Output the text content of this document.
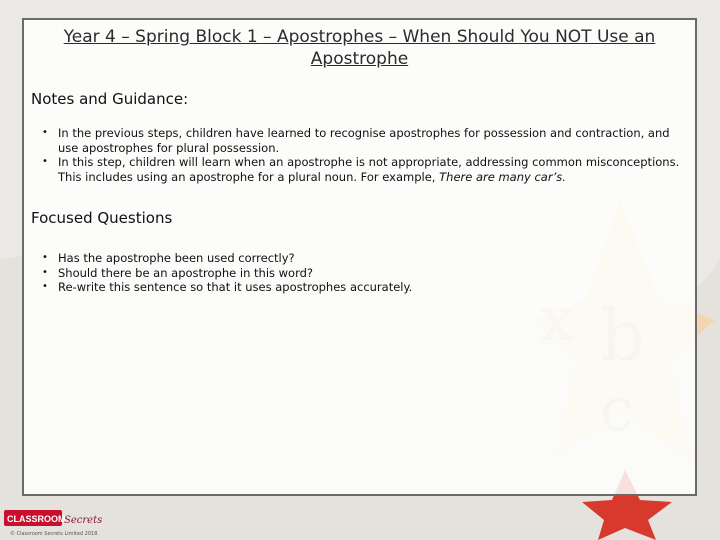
Year 4 – Spring Block 1 – Apostrophes – When Should You NOT Use an Apostrophe
Notes and Guidance:
• In the previous steps, children have learned to recognise apostrophes for possession and contraction, and use apostrophes for plural possession.
• In this step, children will learn when an apostrophe is not appropriate, addressing common misconceptions. This includes using an apostrophe for a plural noun. For example, There are many car’s.
Focused Questions
• Has the apostrophe been used correctly?
• Should there be an apostrophe in this word?
• Re-write this sentence so that it uses apostrophes accurately.
CLASSROOM
Secrets
© Classroom Secrets Limited 2018
